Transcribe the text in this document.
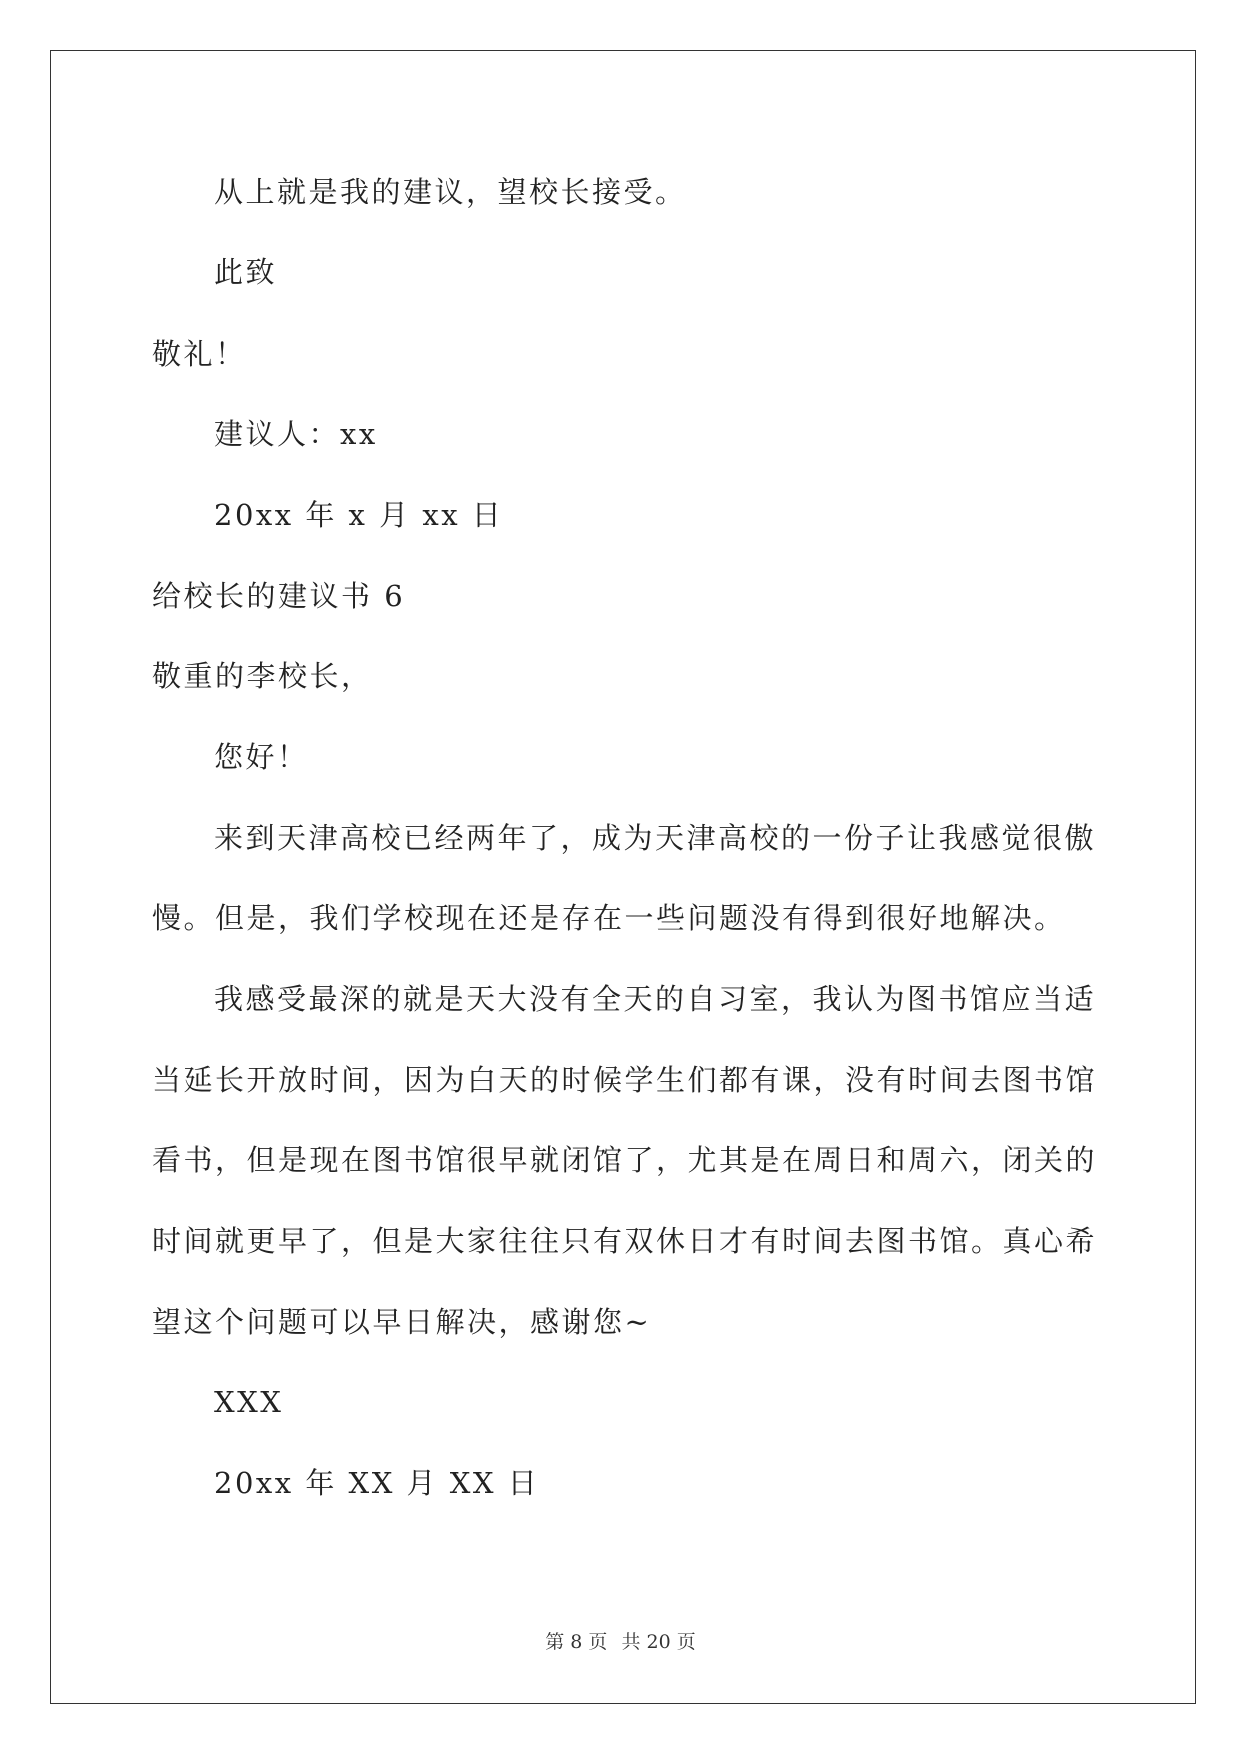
从上就是我的建议，望校长接受。
此致
敬礼！
建议人：xx
20xx 年 x 月 xx 日
给校长的建议书 6
敬重的李校长，
您好！
来到天津高校已经两年了，成为天津高校的一份子让我感觉很傲
慢。但是，我们学校现在还是存在一些问题没有得到很好地解决。
我感受最深的就是天大没有全天的自习室，我认为图书馆应当适
当延长开放时间，因为白天的时候学生们都有课，没有时间去图书馆
看书，但是现在图书馆很早就闭馆了，尤其是在周日和周六，闭关的
时间就更早了，但是大家往往只有双休日才有时间去图书馆。真心希
望这个问题可以早日解决，感谢您~
XXX
20xx 年 XX 月 XX 日
第 8 页 共 20 页
